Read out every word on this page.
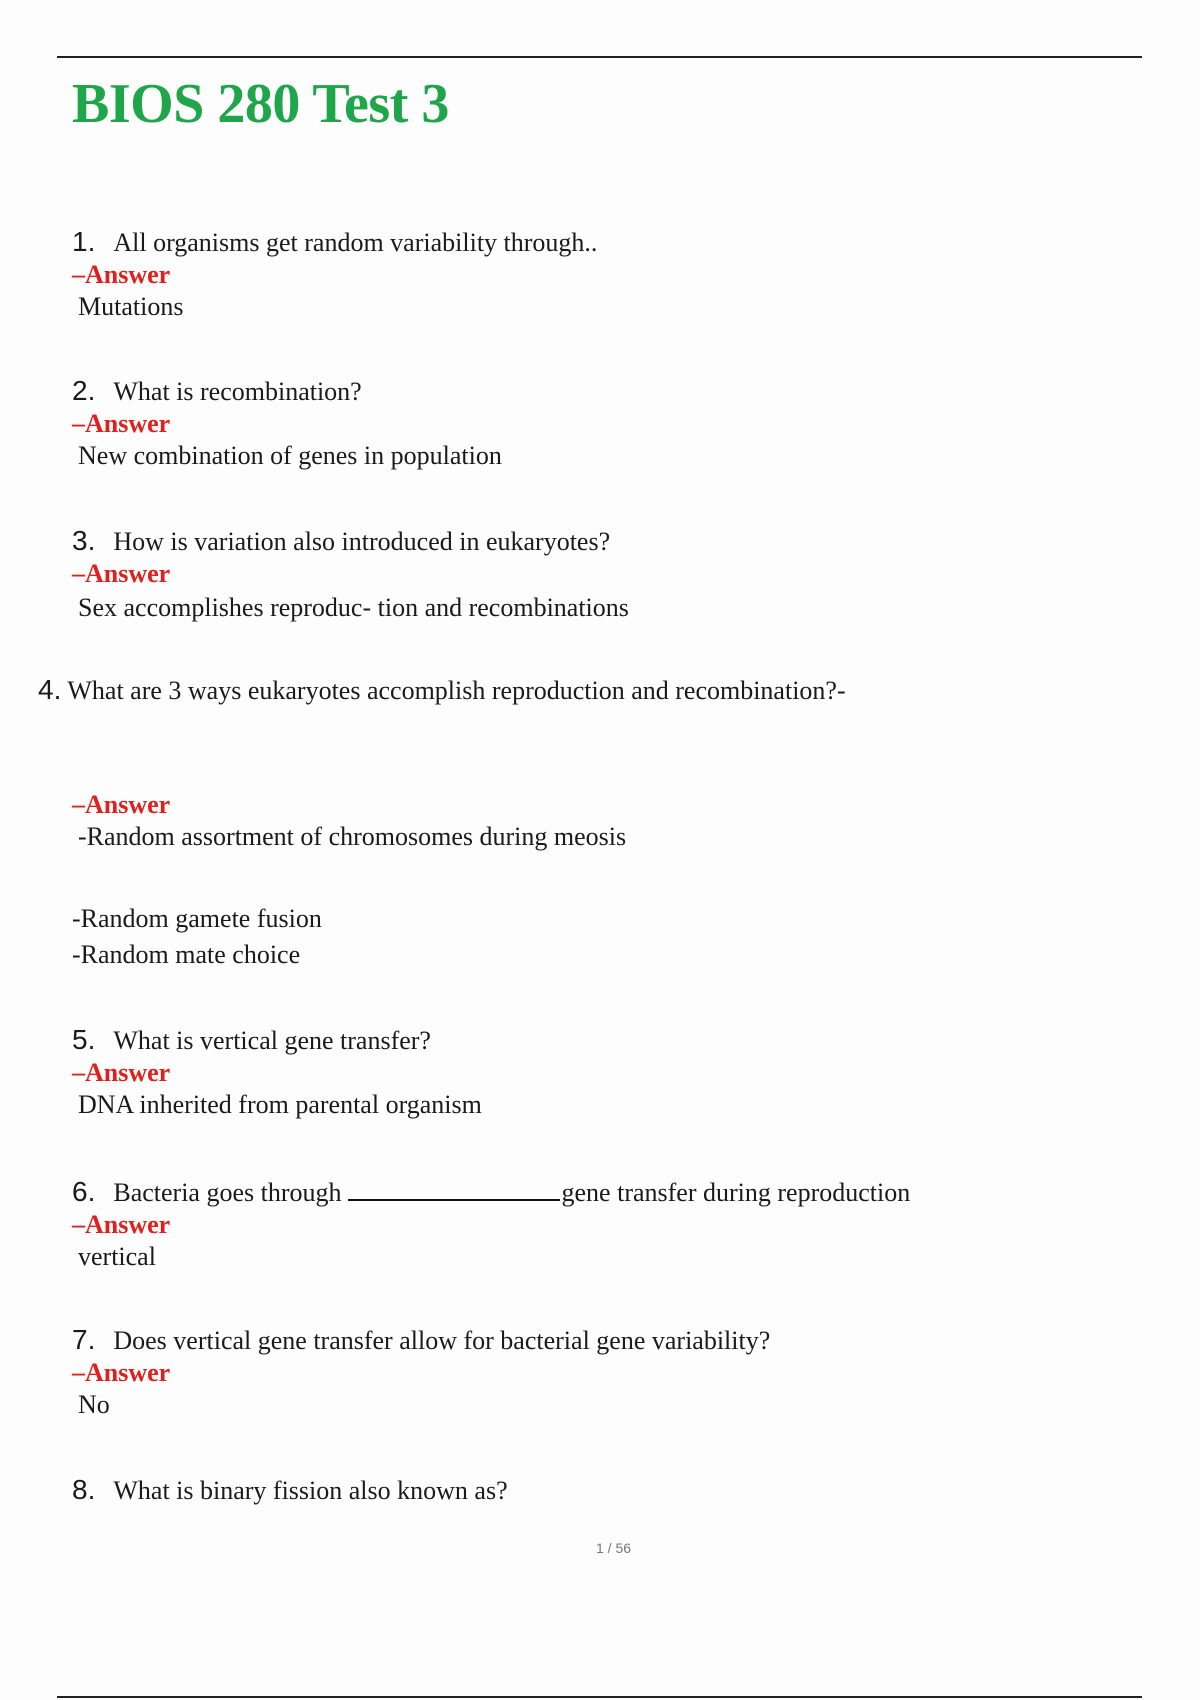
BIOS 280 Test 3
1. All organisms get random variability through..
–Answer
Mutations
2. What is recombination?
–Answer
New combination of genes in population
3. How is variation also introduced in eukaryotes?
–Answer
Sex accomplishes reproduc- tion and recombinations
4. What are 3 ways eukaryotes accomplish reproduction and recombination?-
–Answer
-Random assortment of chromosomes during meosis
-Random gamete fusion
-Random mate choice
5. What is vertical gene transfer?
–Answer
DNA inherited from parental organism
6. Bacteria goes through	gene transfer during reproduction
–Answer
vertical
7. Does vertical gene transfer allow for bacterial gene variability?
–Answer
No
8. What is binary fission also known as?
1 / 56
